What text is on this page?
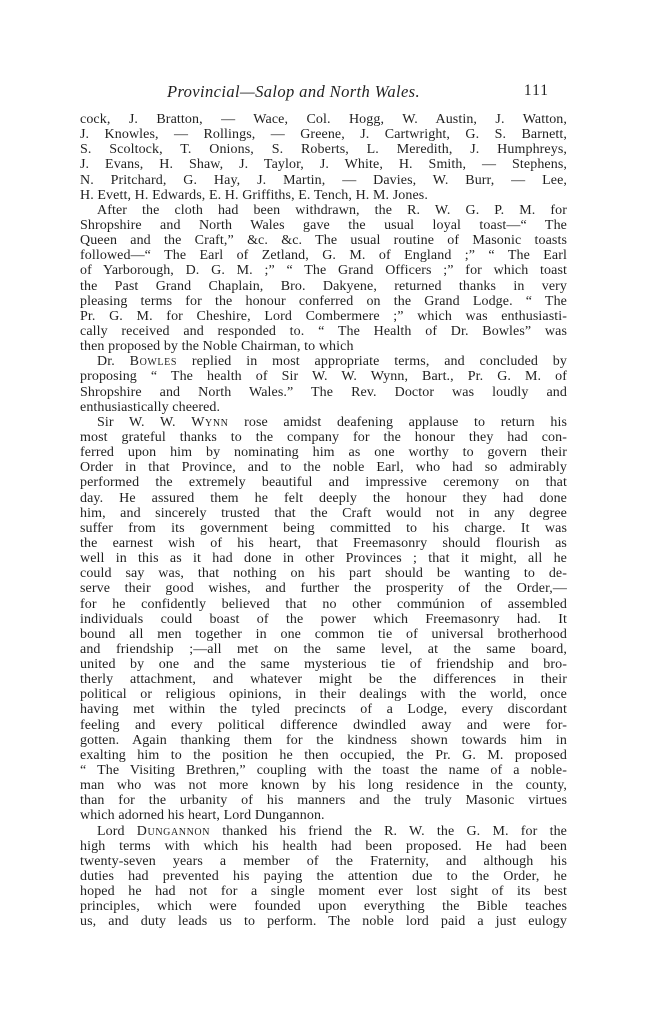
Provincial—Salop and North Wales.	111
cock, J. Bratton, — Wace, Col. Hogg, W. Austin, J. Watton,
J. Knowles, — Rollings, — Greene, J. Cartwright, G. S. Barnett,
S. Scoltock, T. Onions, S. Roberts, L. Meredith, J. Humphreys,
J. Evans, H. Shaw, J. Taylor, J. White, H. Smith, — Stephens,
N. Pritchard, G. Hay, J. Martin, — Davies, W. Burr, — Lee,
H. Evett, H. Edwards, E. H. Griffiths, E. Tench, H. M. Jones.
After the cloth had been withdrawn, the R. W. G. P. M. for
Shropshire and North Wales gave the usual loyal toast—“ The
Queen and the Craft,” &c. &c. The usual routine of Masonic toasts
followed—“ The Earl of Zetland, G. M. of England ;” “ The Earl
of Yarborough, D. G. M. ;” “ The Grand Officers ;” for which toast
the Past Grand Chaplain, Bro. Dakyene, returned thanks in very
pleasing terms for the honour conferred on the Grand Lodge. “ The
Pr. G. M. for Cheshire, Lord Combermere ;” which was enthusiasti-
cally received and responded to. “ The Health of Dr. Bowles” was
then proposed by the Noble Chairman, to which
Dr. Bowles replied in most appropriate terms, and concluded by
proposing “ The health of Sir W. W. Wynn, Bart., Pr. G. M. of
Shropshire and North Wales.” The Rev. Doctor was loudly and
enthusiastically cheered.
Sir W. W. Wynn rose amidst deafening applause to return his
most grateful thanks to the company for the honour they had con-
ferred upon him by nominating him as one worthy to govern their
Order in that Province, and to the noble Earl, who had so admirably
performed the extremely beautiful and impressive ceremony on that
day. He assured them he felt deeply the honour they had done
him, and sincerely trusted that the Craft would not in any degree
suffer from its government being committed to his charge. It was
the earnest wish of his heart, that Freemasonry should flourish as
well in this as it had done in other Provinces ; that it might, all he
could say was, that nothing on his part should be wanting to de-
serve their good wishes, and further the prosperity of the Order,—
for he confidently believed that no other commúnion of assembled
individuals could boast of the power which Freemasonry had. It
bound all men together in one common tie of universal brotherhood
and friendship ;—all met on the same level, at the same board,
united by one and the same mysterious tie of friendship and bro-
therly attachment, and whatever might be the differences in their
political or religious opinions, in their dealings with the world, once
having met within the tyled precincts of a Lodge, every discordant
feeling and every political difference dwindled away and were for-
gotten. Again thanking them for the kindness shown towards him in
exalting him to the position he then occupied, the Pr. G. M. proposed
“ The Visiting Brethren,” coupling with the toast the name of a noble-
man who was not more known by his long residence in the county,
than for the urbanity of his manners and the truly Masonic virtues
which adorned his heart, Lord Dungannon.
Lord Dungannon thanked his friend the R. W. the G. M. for the
high terms with which his health had been proposed. He had been
twenty-seven years a member of the Fraternity, and although his
duties had prevented his paying the attention due to the Order, he
hoped he had not for a single moment ever lost sight of its best
principles, which were founded upon everything the Bible teaches
us, and duty leads us to perform. The noble lord paid a just eulogy
